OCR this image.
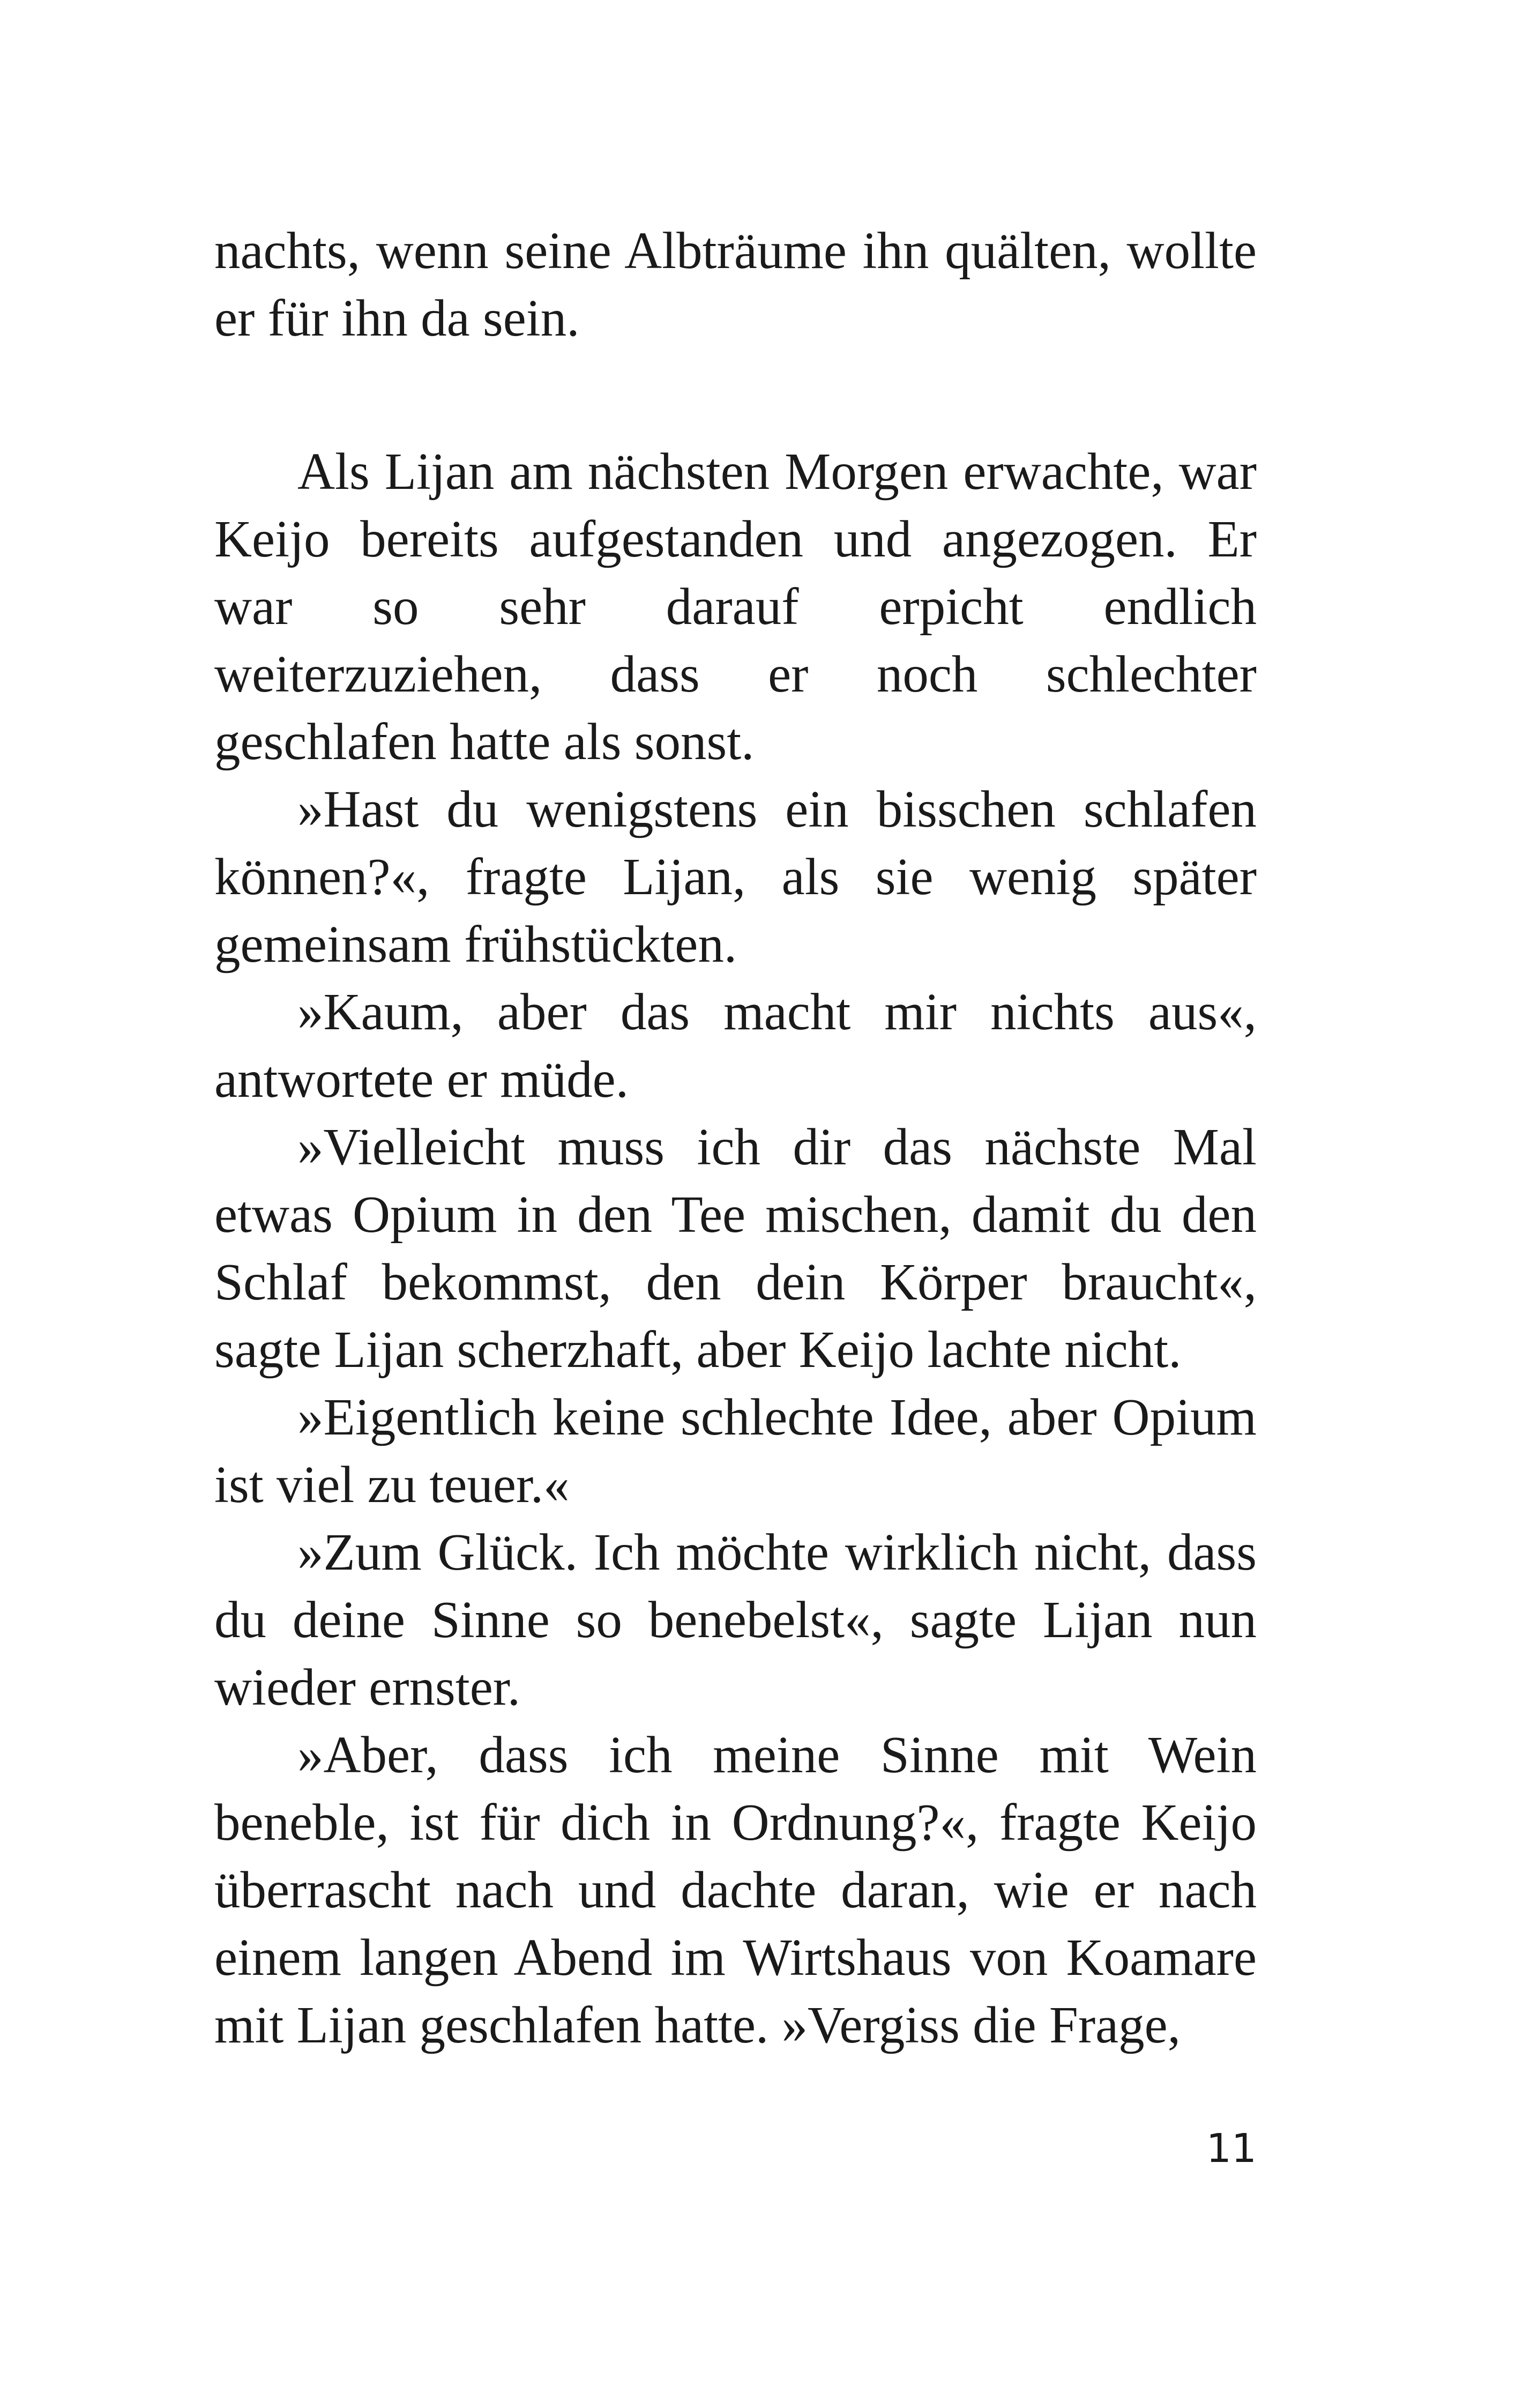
nachts, wenn seine Albträume ihn quälten, wollte er für ihn da sein.

Als Lijan am nächsten Morgen erwachte, war Keijo bereits aufgestanden und angezogen. Er war so sehr darauf erpicht endlich weiterzuziehen, dass er noch schlechter geschlafen hatte als sonst.

»Hast du wenigstens ein bisschen schlafen können?«, fragte Lijan, als sie wenig später gemeinsam frühstückten.

»Kaum, aber das macht mir nichts aus«, antwortete er müde.

»Vielleicht muss ich dir das nächste Mal etwas Opium in den Tee mischen, damit du den Schlaf bekommst, den dein Körper braucht«, sagte Lijan scherzhaft, aber Keijo lachte nicht.

»Eigentlich keine schlechte Idee, aber Opium ist viel zu teuer.«

»Zum Glück. Ich möchte wirklich nicht, dass du deine Sinne so benebelst«, sagte Lijan nun wieder ernster.

»Aber, dass ich meine Sinne mit Wein beneble, ist für dich in Ordnung?«, fragte Keijo überrascht nach und dachte daran, wie er nach einem langen Abend im Wirtshaus von Koamare mit Lijan geschlafen hatte. »Vergiss die Frage,

11
